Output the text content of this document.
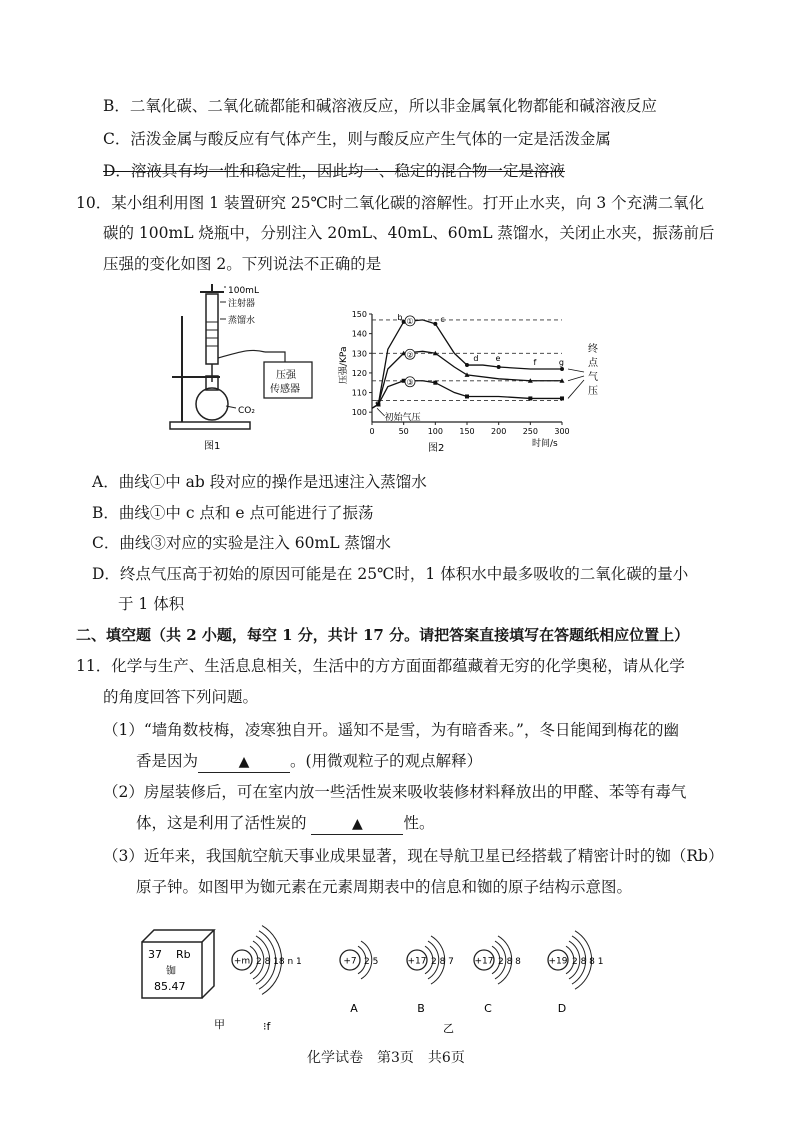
B．二氧化碳、二氧化硫都能和碱溶液反应，所以非金属氧化物都能和碱溶液反应
C．活泼金属与酸反应有气体产生，则与酸反应产生气体的一定是活泼金属
D．溶液具有均一性和稳定性，因此均一、稳定的混合物一定是溶液
10．某小组利用图 1 装置研究 25℃时二氧化碳的溶解性。打开止水夹，向 3 个充满二氧化
碳的 100mL 烧瓶中，分别注入 20mL、40mL、60mL 蒸馏水，关闭止水夹，振荡前后
压强的变化如图 2。下列说法不正确的是
100mL
注射器
蒸馏水
压强
传感器
CO₂
图1
100
110
120
130
140
150
0	50 100 150 200 250 300
压强/KPa
时间/s
①
②
③
a
b	c
d e	f	g
初始气压
终
点
气
压
图2
A．曲线①中 ab 段对应的操作是迅速注入蒸馏水
B．曲线①中 c 点和 e 点可能进行了振荡
C．曲线③对应的实验是注入 60mL 蒸馏水
D．终点气压高于初始的原因可能是在 25℃时，1 体积水中最多吸收的二氧化碳的量小
于 1 体积
二、填空题（共 2 小题，每空 1 分，共计 17 分。请把答案直接填写在答题纸相应位置上）
11．化学与生产、生活息息相关，生活中的方方面面都蕴藏着无穷的化学奥秘，请从化学
的角度回答下列问题。
（1）“墙角数枝梅，凌寒独自开。遥知不是雪，为有暗香来。”，冬日能闻到梅花的幽
香是因为	▲	。(用微观粒子的观点解释）
（2）房屋装修后，可在室内放一些活性炭来吸收装修材料释放出的甲醛、苯等有毒气
体，这是利用了活性炭的	▲	性。
（3）近年来，我国航空航天事业成果显著，现在导航卫星已经搭载了精密计时的铷（Rb）
原子钟。如图甲为铷元素在元素周期表中的信息和铷的原子结构示意图。
37 Rb
铷
85.47
+m 2 8 18 n 1	+7 2 5
A
+17 2 8 7
B
+17 2 8 8
C
+19 2 8 8 1
D
甲	⁝f	乙
化学试卷　第3页　共6页
